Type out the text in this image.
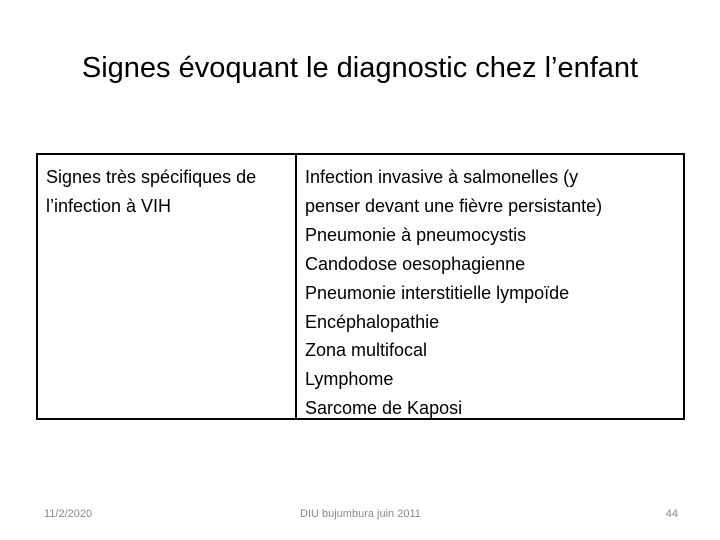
Signes évoquant le diagnostic chez l’enfant
Signes très spécifiques de l’infection à VIH
Infection invasive à salmonelles (y
penser devant une fièvre persistante)
Pneumonie à pneumocystis
Candodose oesophagienne
Pneumonie interstitielle lympoïde
Encéphalopathie
Zona multifocal
Lymphome
Sarcome de Kaposi
11/2/2020	DIU bujumbura juin 2011	44
